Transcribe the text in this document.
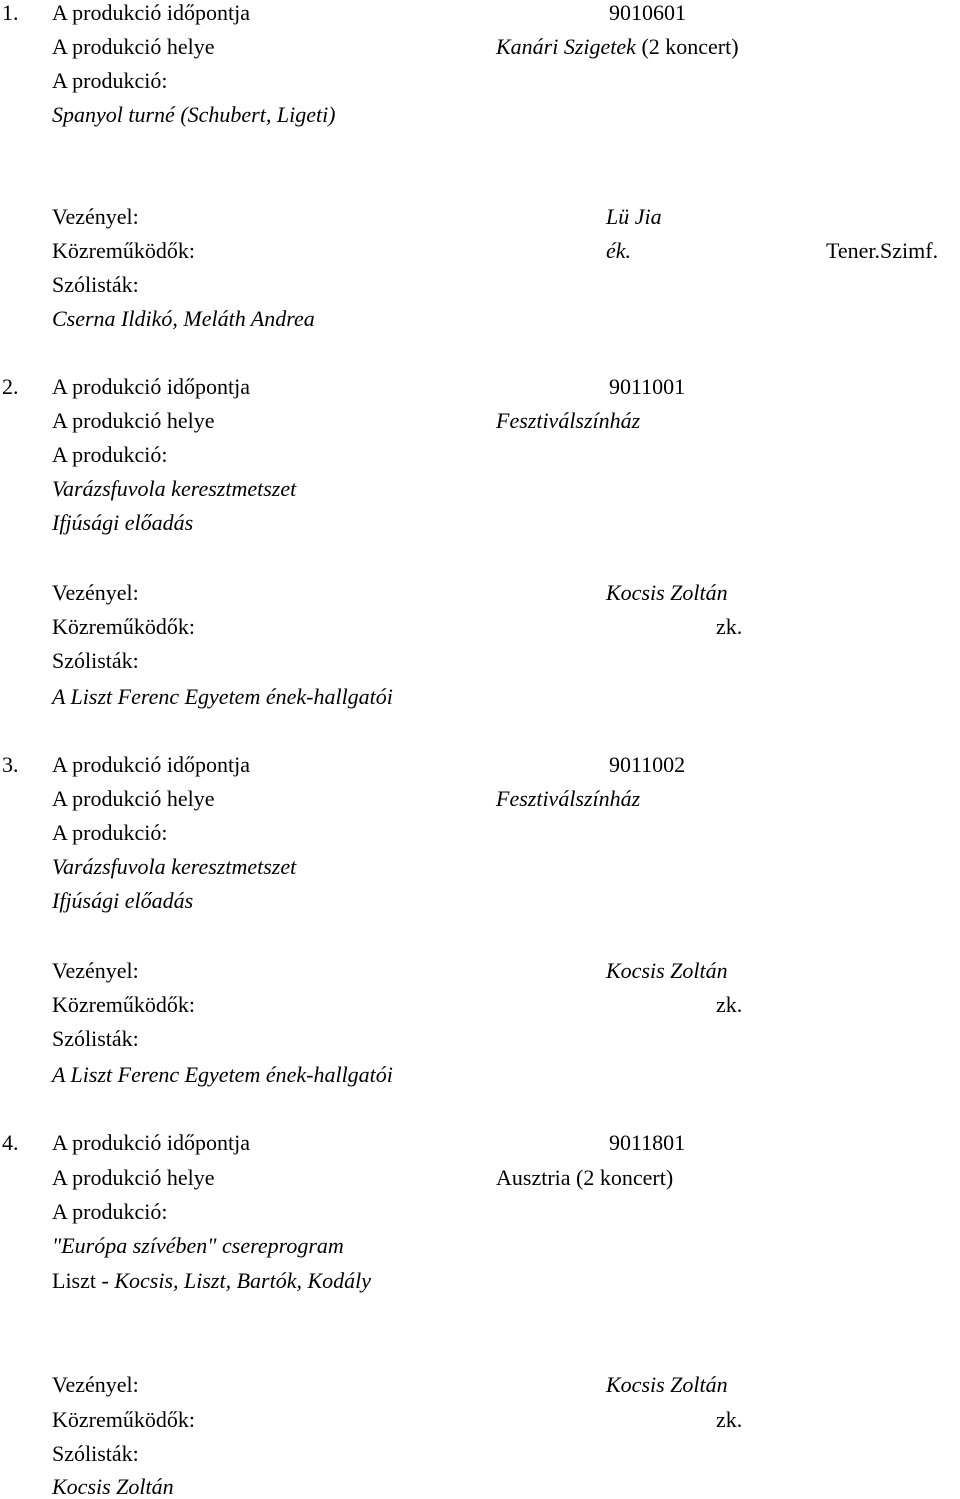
1. A produkció időpontja	9010601
A produkció helye	Kanári Szigetek (2 koncert)
A produkció:
Spanyol turné (Schubert, Ligeti)
Vezényel:	Lü Jia
Közreműködők:	ék.	Tener.Szimf.
Szólisták:
Cserna Ildikó, Meláth Andrea
2. A produkció időpontja	9011001
A produkció helye	Fesztiválszínház
A produkció:
Varázsfuvola keresztmetszet
Ifjúsági előadás
Vezényel:	Kocsis Zoltán
Közreműködők:	zk.
Szólisták:
A Liszt Ferenc Egyetem ének-hallgatói
3. A produkció időpontja	9011002
A produkció helye	Fesztiválszínház
A produkció:
Varázsfuvola keresztmetszet
Ifjúsági előadás
Vezényel:	Kocsis Zoltán
Közreműködők:	zk.
Szólisták:
A Liszt Ferenc Egyetem ének-hallgatói
4. A produkció időpontja	9011801
A produkció helye	Ausztria (2 koncert)
A produkció:
"Európa szívében" csereprogram
Liszt - Kocsis, Liszt, Bartók, Kodály
Vezényel:	Kocsis Zoltán
Közreműködők:	zk.
Szólisták:
Kocsis Zoltán
